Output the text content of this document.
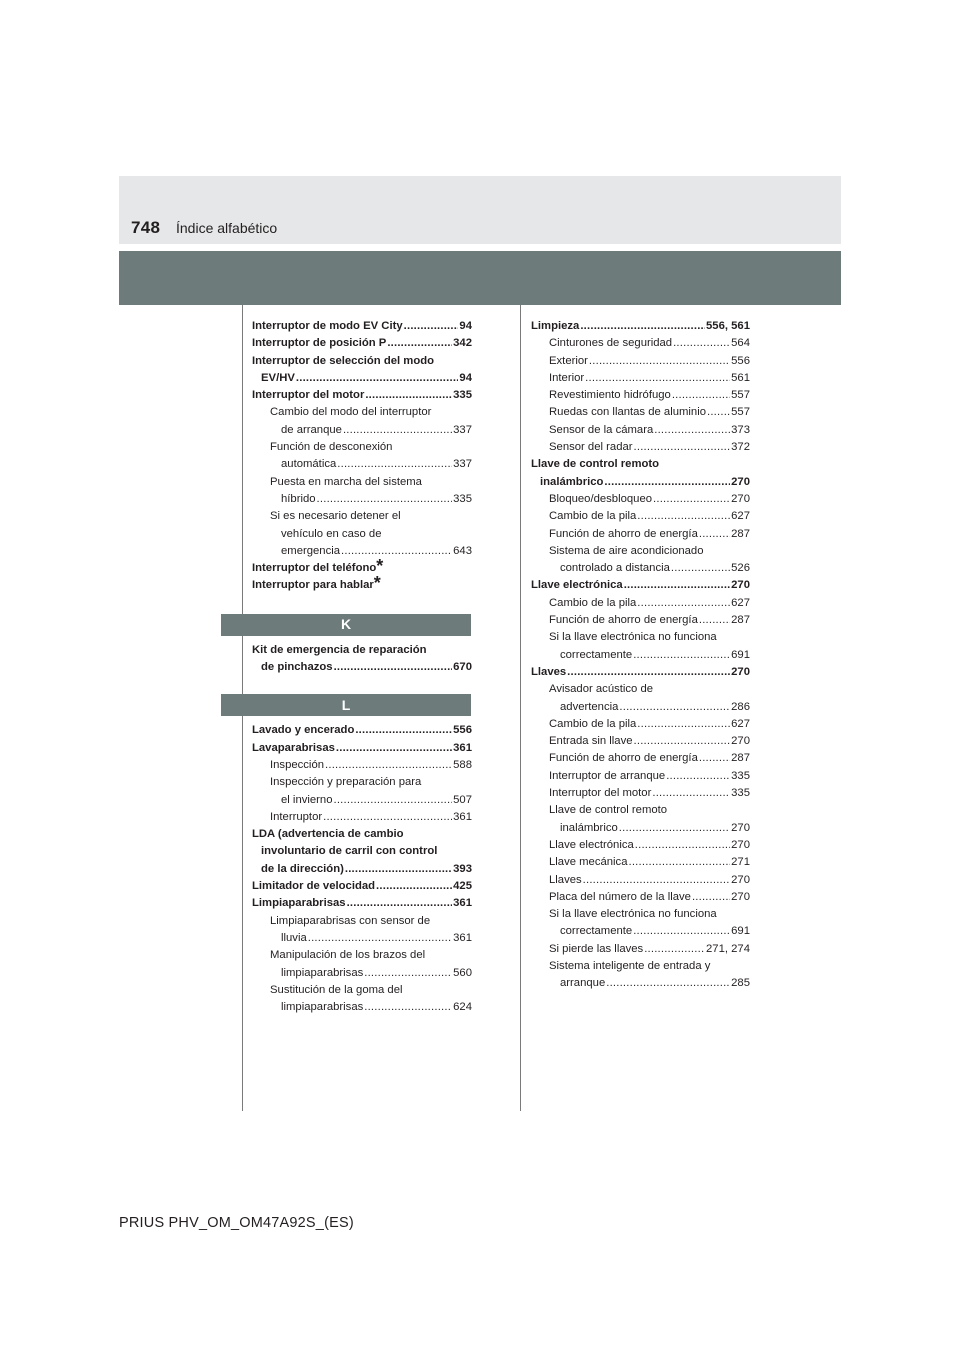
748 Índice alfabético
Interruptor de modo EV City .....	94
Interruptor de posición P .....	342
Interruptor de selección del modo
EV/HV .....	94
Interruptor del motor .....	335
Cambio del modo del interruptor
de arranque .....	337
Función de desconexión
automática .....	337
Puesta en marcha del sistema
híbrido .....	335
Si es necesario detener el
vehículo en caso de
emergencia .....	643
Interruptor del teléfono*
Interruptor para hablar*
K
Kit de emergencia de reparación
de pinchazos .....	670
L
Lavado y encerado .....	556
Lavaparabrisas .....	361
Inspección .....	588
Inspección y preparación para
el invierno .....	507
Interruptor .....	361
LDA (advertencia de cambio
involuntario de carril con control
de la dirección) .....	393
Limitador de velocidad .....	425
Limpiaparabrisas .....	361
Limpiaparabrisas con sensor de
lluvia .....	361
Manipulación de los brazos del
limpiaparabrisas .....	560
Sustitución de la goma del
limpiaparabrisas .....	624
Limpieza .....	556, 561
Cinturones de seguridad .....	564
Exterior .....	556
Interior .....	561
Revestimiento hidrófugo .....	557
Ruedas con llantas de aluminio ..... 557
Sensor de la cámara .....	373
Sensor del radar .....	372
Llave de control remoto
inalámbrico .....	270
Bloqueo/desbloqueo .....	270
Cambio de la pila .....	627
Función de ahorro de energía .....	287
Sistema de aire acondicionado
controlado a distancia .....	526
Llave electrónica .....	270
Cambio de la pila .....	627
Función de ahorro de energía .....	287
Si la llave electrónica no funciona
correctamente .....	691
Llaves .....	270
Avisador acústico de
advertencia .....	286
Cambio de la pila .....	627
Entrada sin llave .....	270
Función de ahorro de energía .....	287
Interruptor de arranque .....	335
Interruptor del motor .....	335
Llave de control remoto
inalámbrico .....	270
Llave electrónica .....	270
Llave mecánica .....	271
Llaves .....	270
Placa del número de la llave .....	270
Si la llave electrónica no funciona
correctamente .....	691
Si pierde las llaves .....	271, 274
Sistema inteligente de entrada y
arranque .....	285
PRIUS PHV_OM_OM47A92S_(ES)
